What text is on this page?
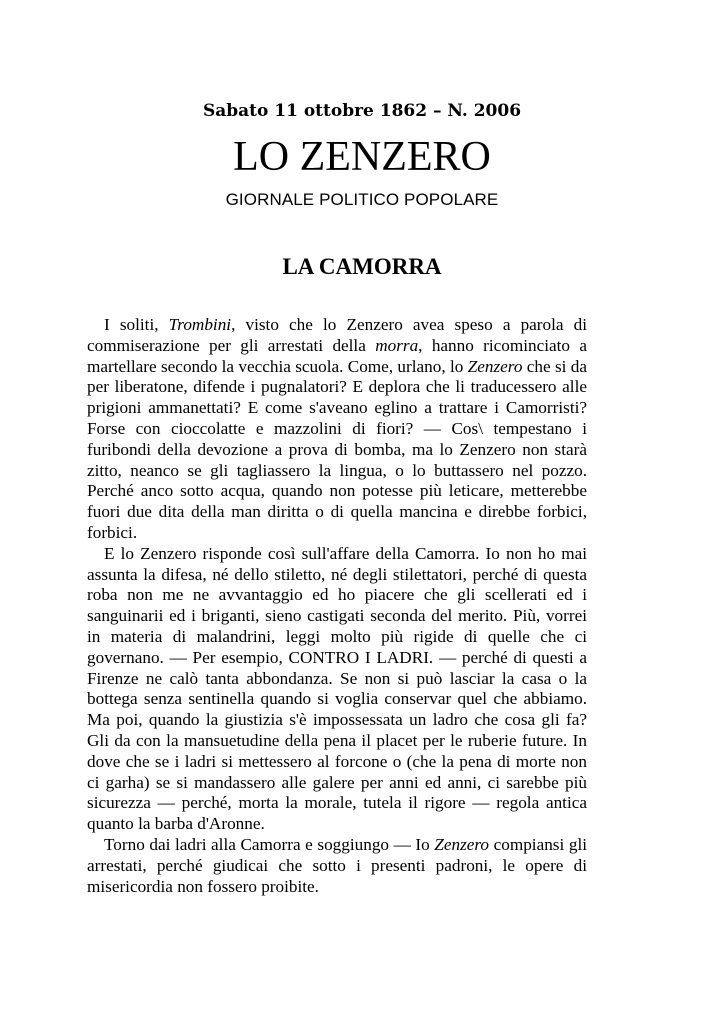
Sabato 11 ottobre 1862 – N. 2006
LO ZENZERO
GIORNALE POLITICO POPOLARE
LA CAMORRA

I soliti, Trombini, visto che lo Zenzero avea speso a parola di commiserazione per gli arrestati della morra, hanno ricominciato a martellare secondo la vecchia scuola. Come, urlano, lo Zenzero che si da per liberatone, difende i pugnalatori? E deplora che li traducessero alle prigioni ammanettati? E come s'aveano eglino a trattare i Camorristi? Forse con cioccolatte e mazzolini di fiori? — Cos\ tempestano i furibondi della devozione a prova di bomba, ma lo Zenzero non starà zitto, neanco se gli tagliassero la lingua, o lo buttassero nel pozzo. Perché anco sotto acqua, quando non potesse più leticare, metterebbe fuori due dita della man diritta o di quella mancina e direbbe forbici, forbici.

E lo Zenzero risponde così sull'affare della Camorra. Io non ho mai assunta la difesa, né dello stiletto, né degli stilettatori, perché di questa roba non me ne avvantaggio ed ho piacere che gli scellerati ed i sanguinarii ed i briganti, sieno castigati seconda del merito. Più, vorrei in materia di malandrini, leggi molto più rigide di quelle che ci governano. — Per esempio, CONTRO I LADRI. — perché di questi a Firenze ne calò tanta abbondanza. Se non si può lasciar la casa o la bottega senza sentinella quando si voglia conservar quel che abbiamo. Ma poi, quando la giustizia s'è impossessata un ladro che cosa gli fa? Gli da con la mansuetudine della pena il placet per le ruberie future. In dove che se i ladri si mettessero al forcone o (che la pena di morte non ci garha) se si mandassero alle galere per anni ed anni, ci sarebbe più sicurezza — perché, morta la morale, tutela il rigore — regola antica quanto la barba d'Aronne.

Torno dai ladri alla Camorra e soggiungo — Io Zenzero compiansi gli arrestati, perché giudicai che sotto i presenti padroni, le opere di misericordia non fossero proibite.
